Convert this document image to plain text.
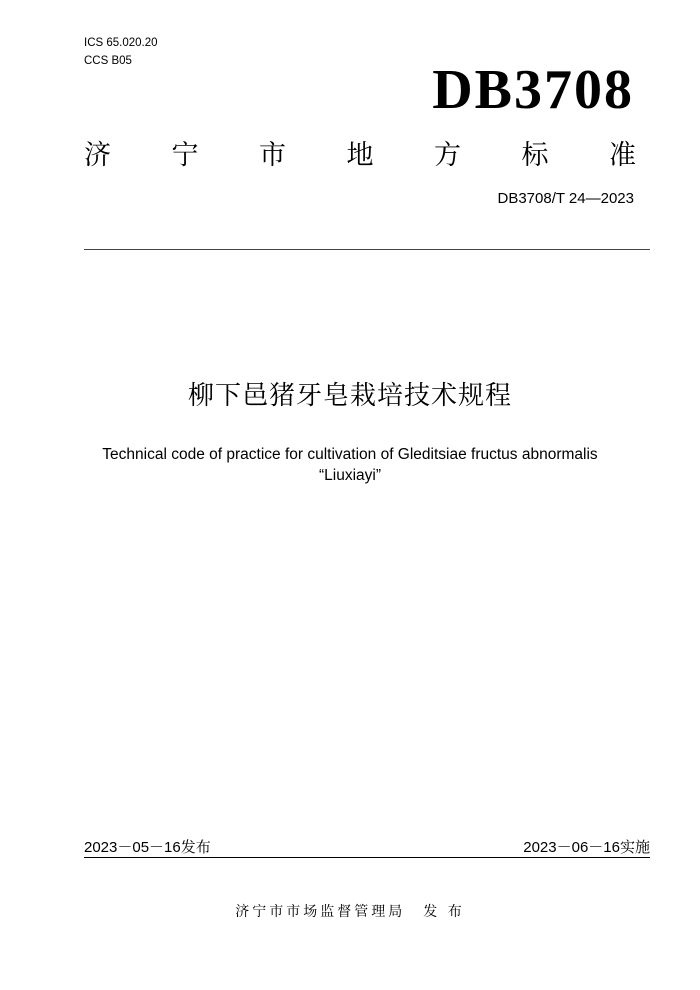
ICS 65.020.20
CCS B05	DB3708
济 宁 市 地 方 标 准
DB3708/T 24—2023
柳下邑猪牙皂栽培技术规程
Technical code of practice for cultivation of Gleditsiae fructus abnormalis
“Liuxiayi”
2023－05－16发布	2023－06－16实施
济宁市市场监督管理局 发 布
